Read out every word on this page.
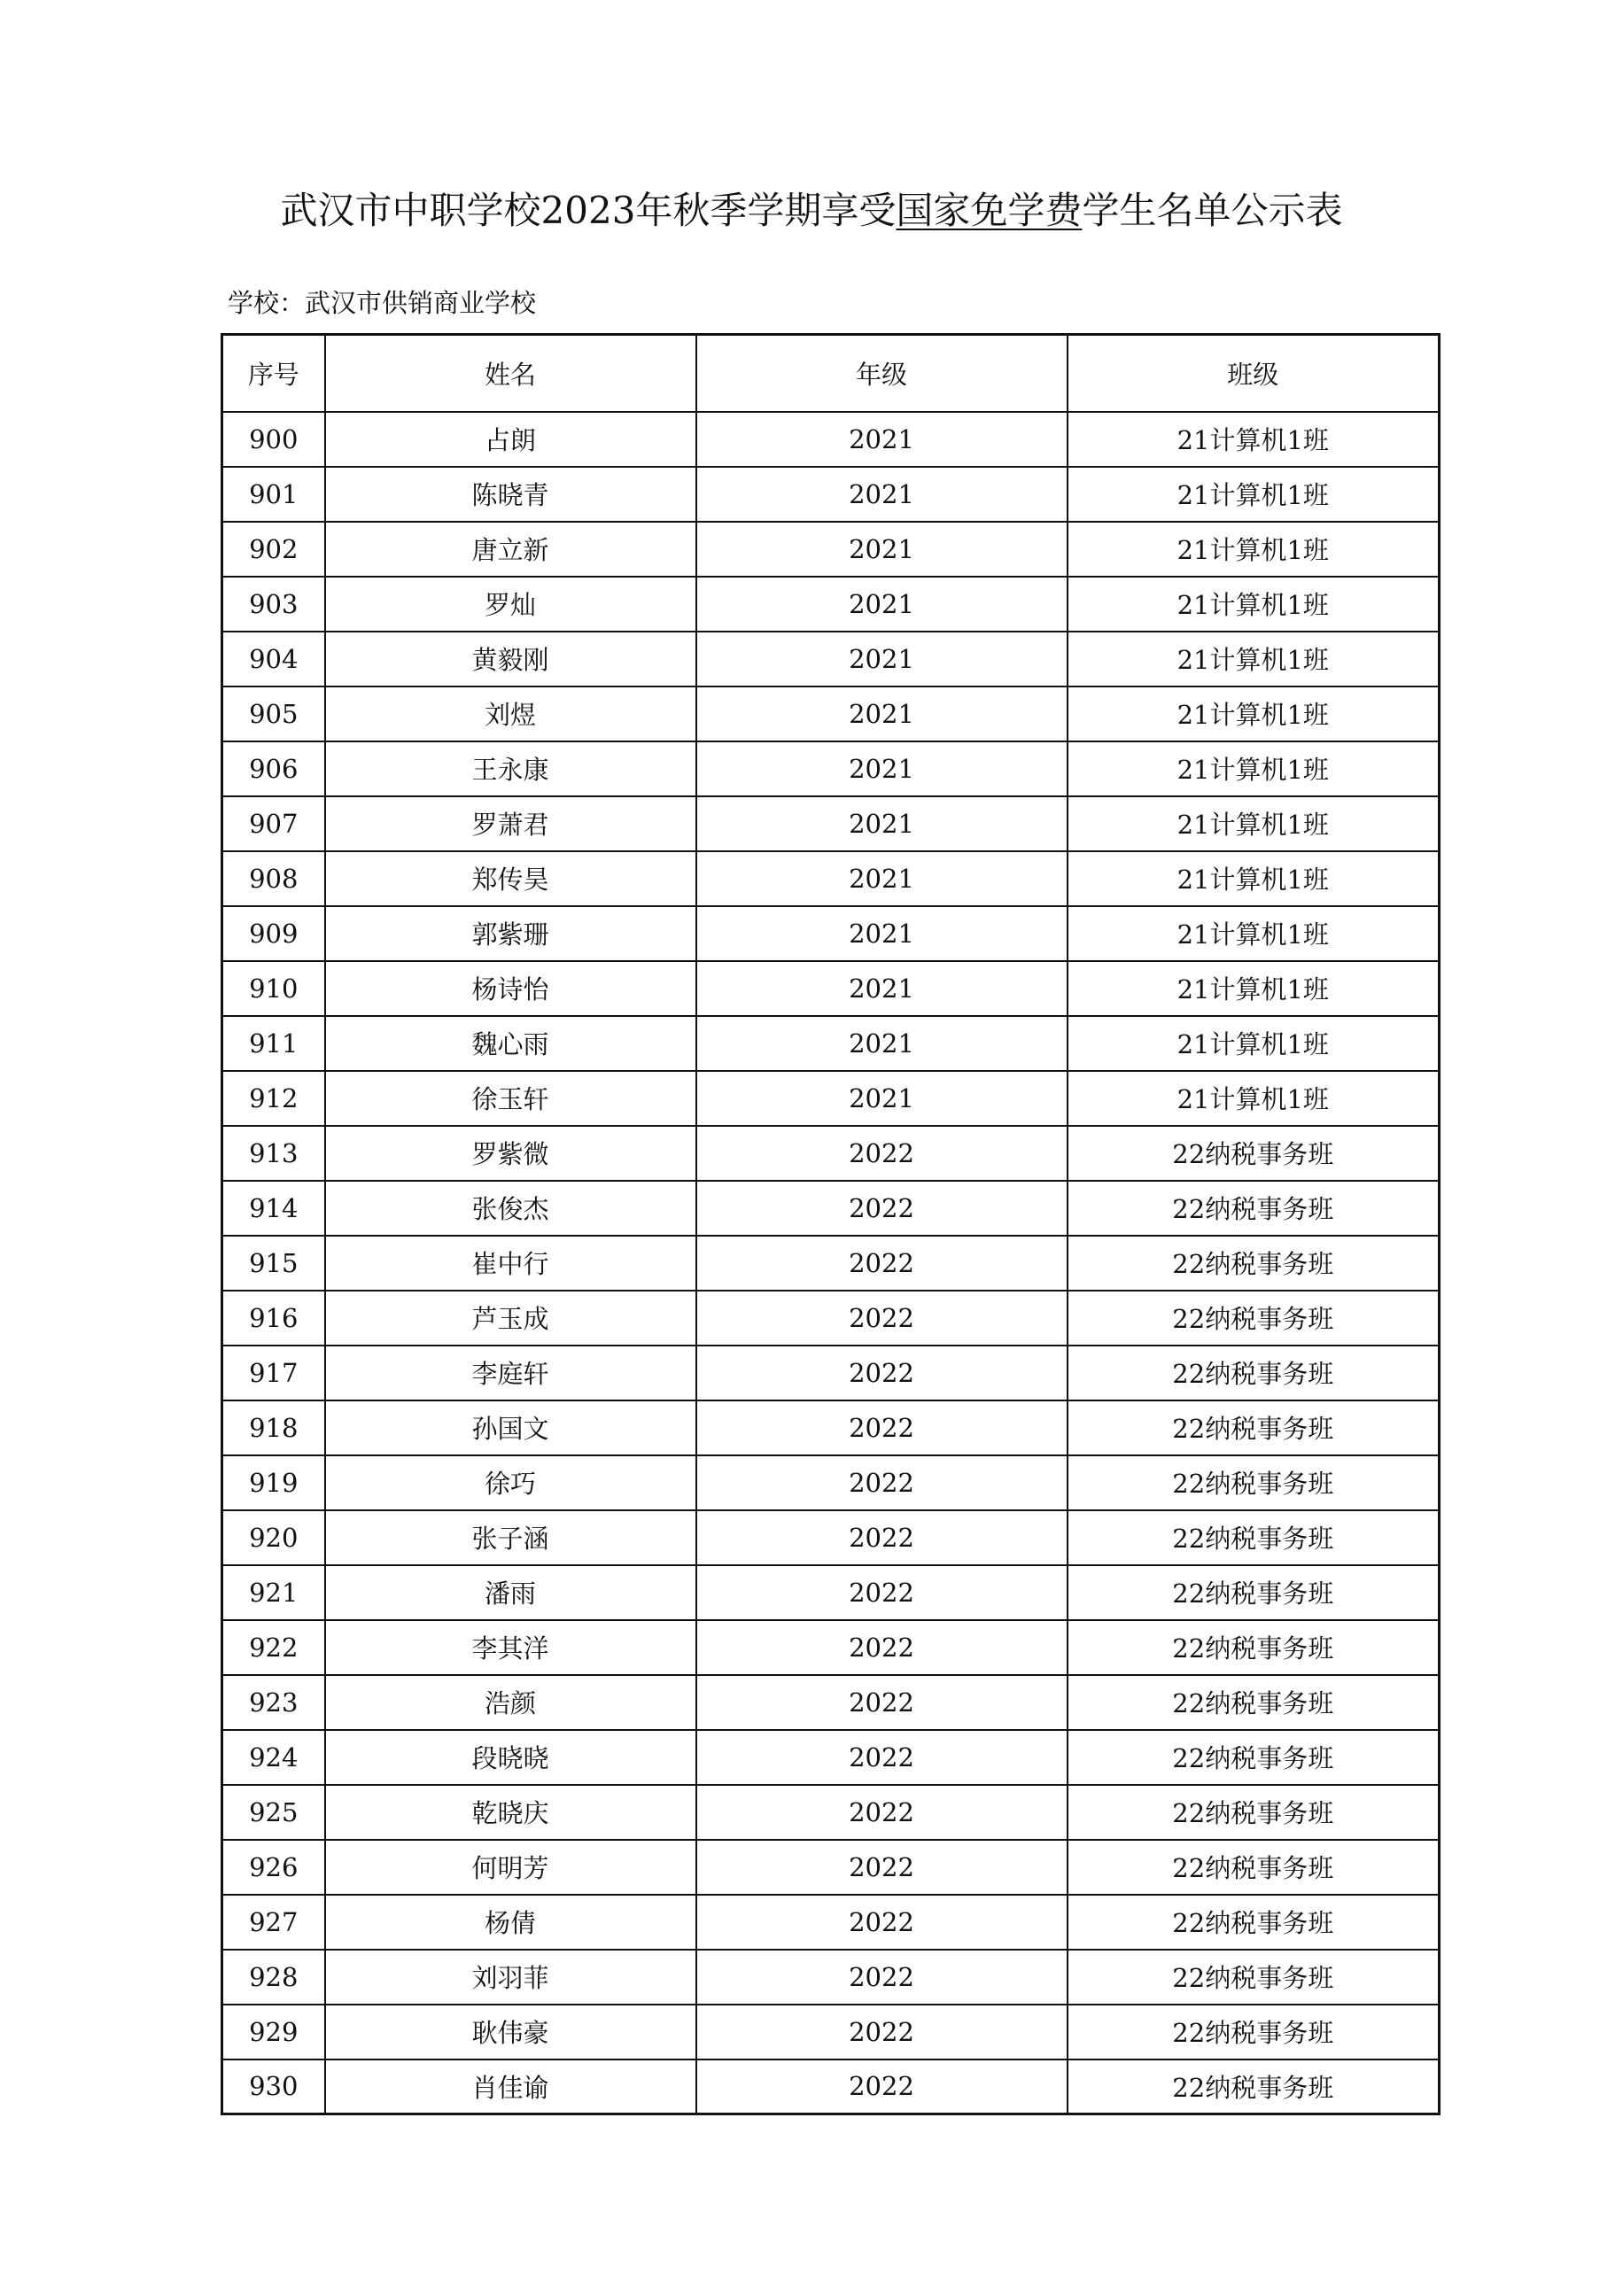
武汉市中职学校2023年秋季学期享受国家免学费学生名单公示表
学校：武汉市供销商业学校
序号	姓名	年级	班级
900	占朗	2021	21计算机1班
901	陈晓青	2021	21计算机1班
902	唐立新	2021	21计算机1班
903	罗灿	2021	21计算机1班
904	黄毅刚	2021	21计算机1班
905	刘煜	2021	21计算机1班
906	王永康	2021	21计算机1班
907	罗萧君	2021	21计算机1班
908	郑传昊	2021	21计算机1班
909	郭紫珊	2021	21计算机1班
910	杨诗怡	2021	21计算机1班
911	魏心雨	2021	21计算机1班
912	徐玉轩	2021	21计算机1班
913	罗紫微	2022	22纳税事务班
914	张俊杰	2022	22纳税事务班
915	崔中行	2022	22纳税事务班
916	芦玉成	2022	22纳税事务班
917	李庭轩	2022	22纳税事务班
918	孙国文	2022	22纳税事务班
919	徐巧	2022	22纳税事务班
920	张子涵	2022	22纳税事务班
921	潘雨	2022	22纳税事务班
922	李其洋	2022	22纳税事务班
923	浩颜	2022	22纳税事务班
924	段晓晓	2022	22纳税事务班
925	乾晓庆	2022	22纳税事务班
926	何明芳	2022	22纳税事务班
927	杨倩	2022	22纳税事务班
928	刘羽菲	2022	22纳税事务班
929	耿伟豪	2022	22纳税事务班
930	肖佳谕	2022	22纳税事务班
